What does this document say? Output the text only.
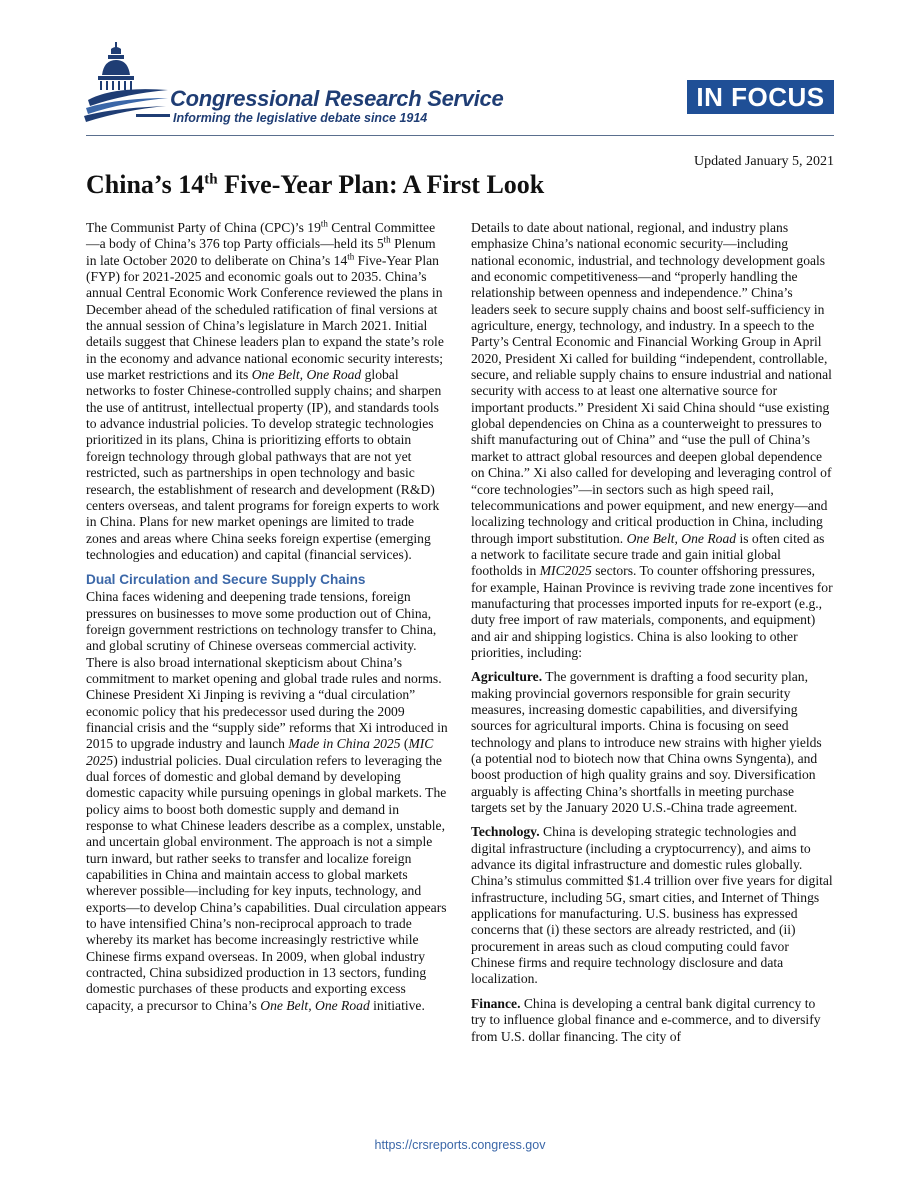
Congressional Research Service
Informing the legislative debate since 1914
IN FOCUS
Updated January 5, 2021
China’s 14th Five-Year Plan: A First Look

The Communist Party of China (CPC)’s 19th Central Committee—a body of China’s 376 top Party officials—held its 5th Plenum in late October 2020 to deliberate on China’s 14th Five-Year Plan (FYP) for 2021-2025 and economic goals out to 2035. China’s annual Central Economic Work Conference reviewed the plans in December ahead of the scheduled ratification of final versions at the annual session of China’s legislature in March 2021. Initial details suggest that Chinese leaders plan to expand the state’s role in the economy and advance national economic security interests; use market restrictions and its One Belt, One Road global networks to foster Chinese-controlled supply chains; and sharpen the use of antitrust, intellectual property (IP), and standards tools to advance industrial policies. To develop strategic technologies prioritized in its plans, China is prioritizing efforts to obtain foreign technology through global pathways that are not yet restricted, such as partnerships in open technology and basic research, the establishment of research and development (R&D) centers overseas, and talent programs for foreign experts to work in China. Plans for new market openings are limited to trade zones and areas where China seeks foreign expertise (emerging technologies and education) and capital (financial services).

Dual Circulation and Secure Supply Chains

China faces widening and deepening trade tensions, foreign pressures on businesses to move some production out of China, foreign government restrictions on technology transfer to China, and global scrutiny of Chinese overseas commercial activity. There is also broad international skepticism about China’s commitment to market opening and global trade rules and norms. Chinese President Xi Jinping is reviving a “dual circulation” economic policy that his predecessor used during the 2009 financial crisis and the “supply side” reforms that Xi introduced in 2015 to upgrade industry and launch Made in China 2025 (MIC 2025) industrial policies. Dual circulation refers to leveraging the dual forces of domestic and global demand by developing domestic capacity while pursuing openings in global markets. The policy aims to boost both domestic supply and demand in response to what Chinese leaders describe as a complex, unstable, and uncertain global environment. The approach is not a simple turn inward, but rather seeks to transfer and localize foreign capabilities in China and maintain access to global markets wherever possible—including for key inputs, technology, and exports—to develop China’s capabilities. Dual circulation appears to have intensified China’s non-reciprocal approach to trade whereby its market has become increasingly restrictive while Chinese firms expand overseas. In 2009, when global industry contracted, China subsidized production in 13 sectors, funding domestic purchases of these products and exporting excess capacity, a precursor to China’s One Belt, One Road initiative.

Details to date about national, regional, and industry plans emphasize China’s national economic security—including national economic, industrial, and technology development goals and economic competitiveness—and “properly handling the relationship between openness and independence.” China’s leaders seek to secure supply chains and boost self-sufficiency in agriculture, energy, technology, and industry. In a speech to the Party’s Central Economic and Financial Working Group in April 2020, President Xi called for building “independent, controllable, secure, and reliable supply chains to ensure industrial and national security with access to at least one alternative source for important products.” President Xi said China should “use existing global dependencies on China as a counterweight to pressures to shift manufacturing out of China” and “use the pull of China’s market to attract global resources and deepen global dependence on China.” Xi also called for developing and leveraging control of “core technologies”—in sectors such as high speed rail, telecommunications and power equipment, and new energy—and localizing technology and critical production in China, including through import substitution. One Belt, One Road is often cited as a network to facilitate secure trade and gain initial global footholds in MIC2025 sectors. To counter offshoring pressures, for example, Hainan Province is reviving trade zone incentives for manufacturing that processes imported inputs for re-export (e.g., duty free import of raw materials, components, and equipment) and air and shipping logistics. China is also looking to other priorities, including:

Agriculture. The government is drafting a food security plan, making provincial governors responsible for grain security measures, increasing domestic capabilities, and diversifying sources for agricultural imports. China is focusing on seed technology and plans to introduce new strains with higher yields (a potential nod to biotech now that China owns Syngenta), and boost production of high quality grains and soy. Diversification arguably is affecting China’s shortfalls in meeting purchase targets set by the January 2020 U.S.-China trade agreement.

Technology. China is developing strategic technologies and digital infrastructure (including a cryptocurrency), and aims to advance its digital infrastructure and domestic rules globally. China’s stimulus committed $1.4 trillion over five years for digital infrastructure, including 5G, smart cities, and Internet of Things applications for manufacturing. U.S. business has expressed concerns that (i) these sectors are already restricted, and (ii) procurement in areas such as cloud computing could favor Chinese firms and require technology disclosure and data localization.

Finance. China is developing a central bank digital currency to try to influence global finance and e-commerce, and to diversify from U.S. dollar financing. The city of

https://crsreports.congress.gov
